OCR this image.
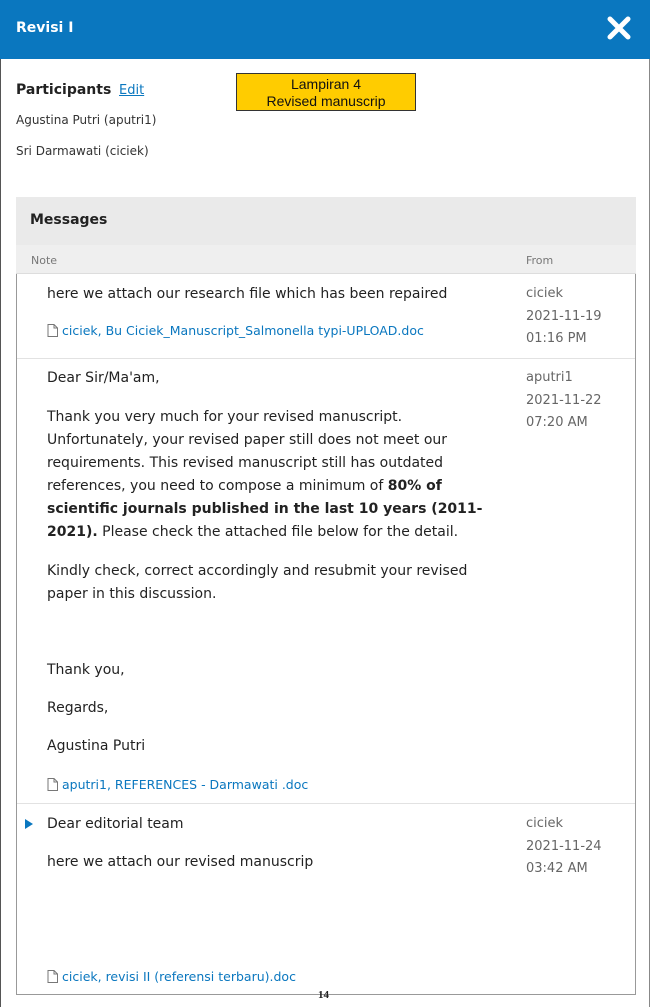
Revisi I
Participants Edit
Agustina Putri (aputri1)
Sri Darmawati (ciciek)
Lampiran 4
Revised manuscrip
Messages
Note	From
here we attach our research file which has been repaired
ciciek, Bu Ciciek_Manuscript_Salmonella typi-UPLOAD.doc
ciciek
2021-11-19
01:16 PM
Dear Sir/Ma'am,
Thank you very much for your revised manuscript. Unfortunately, your revised paper still does not meet our requirements. This revised manuscript still has outdated references, you need to compose a minimum of 80% of scientific journals published in the last 10 years (2011-2021). Please check the attached file below for the detail.
Kindly check, correct accordingly and resubmit your revised paper in this discussion.
Thank you,
Regards,
Agustina Putri
aputri1, REFERENCES - Darmawati .doc
aputri1
2021-11-22
07:20 AM
Dear editorial team
here we attach our revised manuscrip
ciciek, revisi II (referensi terbaru).doc
ciciek
2021-11-24
03:42 AM
14
